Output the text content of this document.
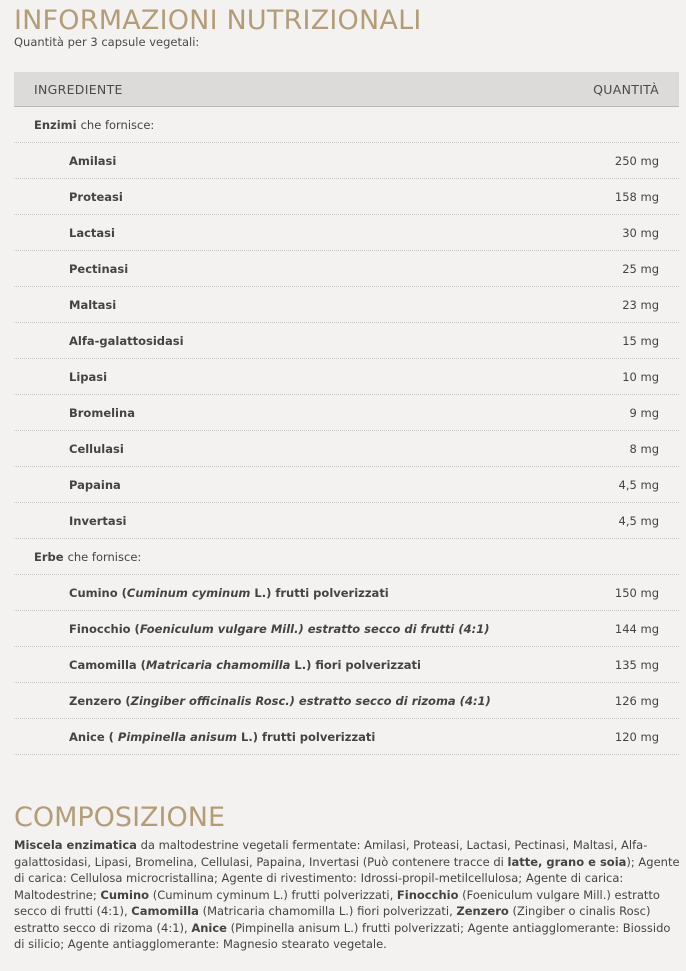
INFORMAZIONI NUTRIZIONALI
Quantità per 3 capsule vegetali:
INGREDIENTE	QUANTITÀ
Enzimi che fornisce:
Amilasi	250 mg
Proteasi	158 mg
Lactasi	30 mg
Pectinasi	25 mg
Maltasi	23 mg
Alfa-galattosidasi	15 mg
Lipasi	10 mg
Bromelina	9 mg
Cellulasi	8 mg
Papaina	4,5 mg
Invertasi	4,5 mg
Erbe che fornisce:
Cumino (Cuminum cyminum L.) frutti polverizzati	150 mg
Finocchio (Foeniculum vulgare Mill.) estratto secco di frutti (4:1)	144 mg
Camomilla (Matricaria chamomilla L.) fiori polverizzati	135 mg
Zenzero (Zingiber officinalis Rosc.) estratto secco di rizoma (4:1)	126 mg
Anice ( Pimpinella anisum L.) frutti polverizzati	120 mg
COMPOSIZIONE
Miscela enzimatica da maltodestrine vegetali fermentate: Amilasi, Proteasi, Lactasi, Pectinasi, Maltasi, Alfa-galattosidasi, Lipasi, Bromelina, Cellulasi, Papaina, Invertasi (Può contenere tracce di latte, grano e soia); Agente di carica: Cellulosa microcristallina; Agente di rivestimento: Idrossi-propil-metilcellulosa; Agente di carica: Maltodestrine; Cumino (Cuminum cyminum L.) frutti polverizzati, Finocchio (Foeniculum vulgare Mill.) estratto secco di frutti (4:1), Camomilla (Matricaria chamomilla L.) fiori polverizzati, Zenzero (Zingiber o cinalis Rosc) estratto secco di rizoma (4:1), Anice (Pimpinella anisum L.) frutti polverizzati; Agente antiagglomerante: Biossido di silicio; Agente antiagglomerante: Magnesio stearato vegetale.
